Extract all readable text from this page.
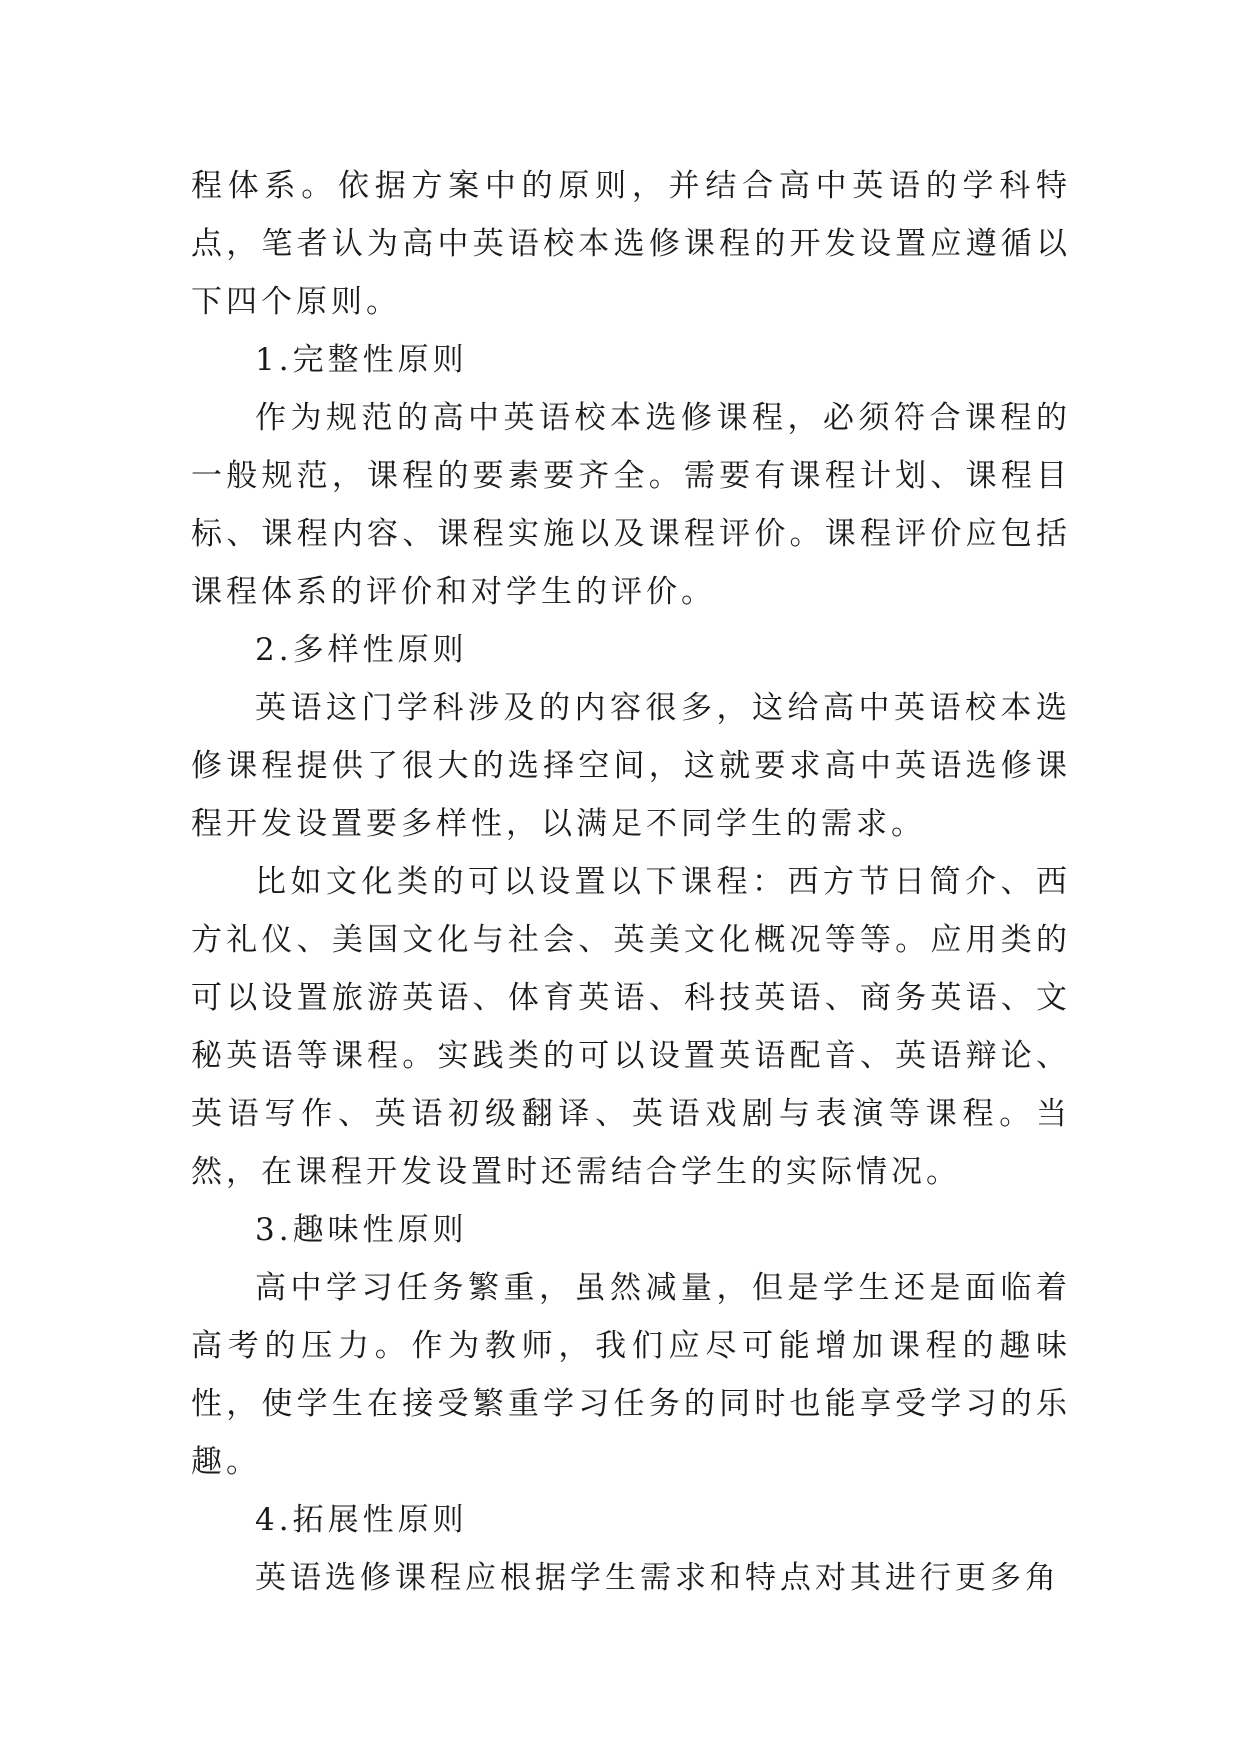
程体系。依据方案中的原则，并结合高中英语的学科特点，笔者认为高中英语校本选修课程的开发设置应遵循以下四个原则。

1.完整性原则

作为规范的高中英语校本选修课程，必须符合课程的一般规范，课程的要素要齐全。需要有课程计划、课程目标、课程内容、课程实施以及课程评价。课程评价应包括课程体系的评价和对学生的评价。

2.多样性原则

英语这门学科涉及的内容很多，这给高中英语校本选修课程提供了很大的选择空间，这就要求高中英语选修课程开发设置要多样性，以满足不同学生的需求。

比如文化类的可以设置以下课程：西方节日简介、西方礼仪、美国文化与社会、英美文化概况等等。应用类的可以设置旅游英语、体育英语、科技英语、商务英语、文秘英语等课程。实践类的可以设置英语配音、英语辩论、英语写作、英语初级翻译、英语戏剧与表演等课程。当然，在课程开发设置时还需结合学生的实际情况。

3.趣味性原则

高中学习任务繁重，虽然减量，但是学生还是面临着高考的压力。作为教师，我们应尽可能增加课程的趣味性，使学生在接受繁重学习任务的同时也能享受学习的乐趣。

4.拓展性原则

英语选修课程应根据学生需求和特点对其进行更多角
